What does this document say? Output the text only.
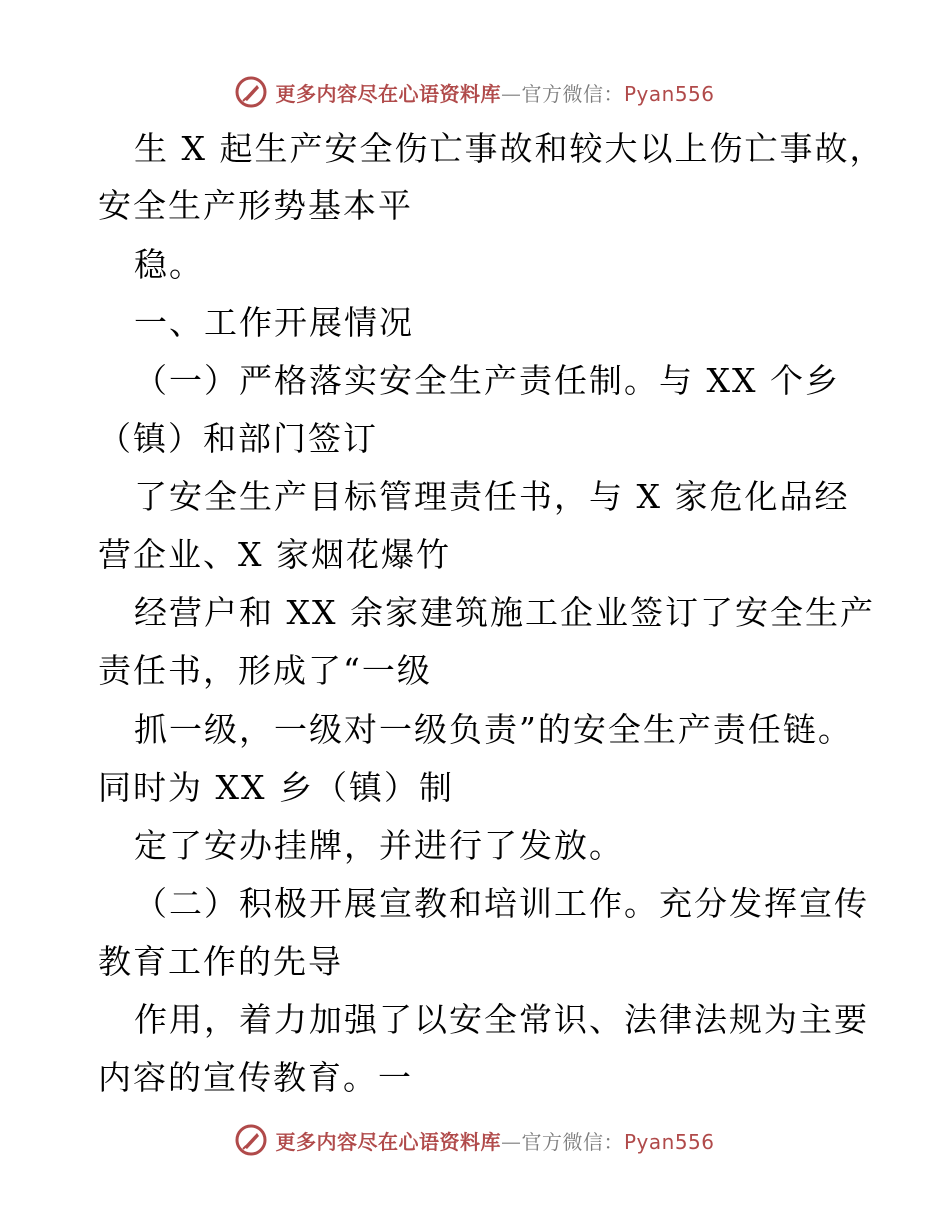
更多内容尽在心语资料库—官方微信：Pyan556
生 X 起生产安全伤亡事故和较大以上伤亡事故，
安全生产形势基本平
稳。
一、工作开展情况
（一）严格落实安全生产责任制。与 XX 个乡
（镇）和部门签订
了安全生产目标管理责任书，与 X 家危化品经
营企业、X 家烟花爆竹
经营户和 XX 余家建筑施工企业签订了安全生产
责任书，形成了“一级
抓一级，一级对一级负责”的安全生产责任链。
同时为 XX 乡（镇）制
定了安办挂牌，并进行了发放。
（二）积极开展宣教和培训工作。充分发挥宣传
教育工作的先导
作用，着力加强了以安全常识、法律法规为主要
内容的宣传教育。一
更多内容尽在心语资料库—官方微信：Pyan556
